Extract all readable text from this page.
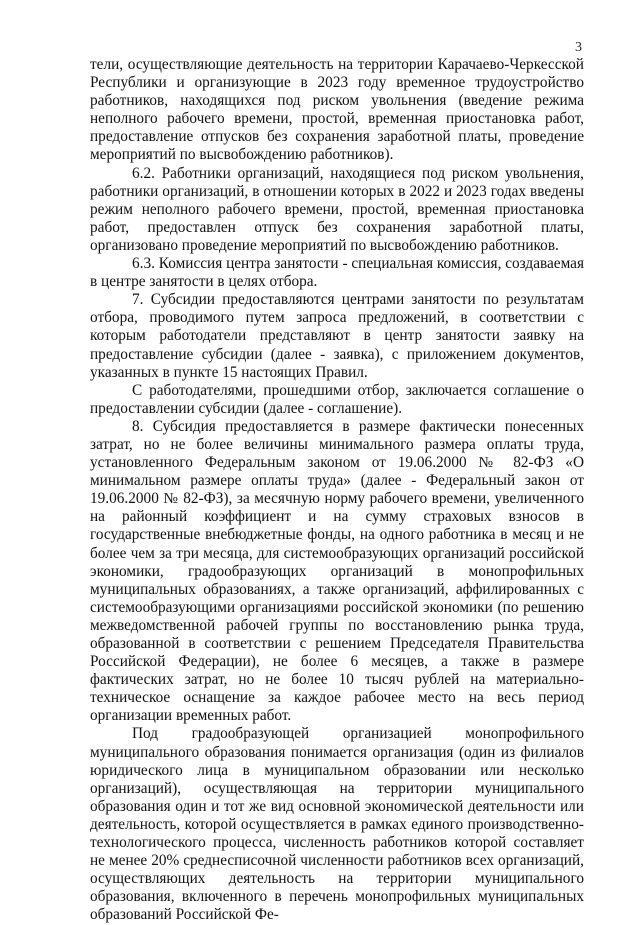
3

тели, осуществляющие деятельность на территории Карачаево-Черкесской Республики и организующие в 2023 году временное трудоустройство работников, находящихся под риском увольнения (введение режима неполного рабочего времени, простой, временная приостановка работ, предоставление отпусков без сохранения заработной платы, проведение мероприятий по высвобождению работников).

6.2. Работники организаций, находящиеся под риском увольнения, работники организаций, в отношении которых в 2022 и 2023 годах введены режим неполного рабочего времени, простой, временная приостановка работ, предоставлен отпуск без сохранения заработной платы, организовано проведение мероприятий по высвобождению работников.

6.3. Комиссия центра занятости - специальная комиссия, создаваемая в центре занятости в целях отбора.

7. Субсидии предоставляются центрами занятости по результатам отбора, проводимого путем запроса предложений, в соответствии с которым работодатели представляют в центр занятости заявку на предоставление субсидии (далее - заявка), с приложением документов, указанных в пункте 15 настоящих Правил.

С работодателями, прошедшими отбор, заключается соглашение о предоставлении субсидии (далее - соглашение).

8. Субсидия предоставляется в размере фактически понесенных затрат, но не более величины минимального размера оплаты труда, установленного Федеральным законом от 19.06.2000 № 82-ФЗ «О минимальном размере оплаты труда» (далее - Федеральный закон от 19.06.2000 № 82-ФЗ), за месячную норму рабочего времени, увеличенного на районный коэффициент и на сумму страховых взносов в государственные внебюджетные фонды, на одного работника в месяц и не более чем за три месяца, для системообразующих организаций российской экономики, градообразующих организаций в монопрофильных муниципальных образованиях, а также организаций, аффилированных с системообразующими организациями российской экономики (по решению межведомственной рабочей группы по восстановлению рынка труда, образованной в соответствии с решением Председателя Правительства Российской Федерации), не более 6 месяцев, а также в размере фактических затрат, но не более 10 тысяч рублей на материально-техническое оснащение за каждое рабочее место на весь период организации временных работ.

Под градообразующей организацией монопрофильного муниципального образования понимается организация (один из филиалов юридического лица в муниципальном образовании или несколько организаций), осуществляющая на территории муниципального образования один и тот же вид основной экономической деятельности или деятельность, которой осуществляется в рамках единого производственно-технологического процесса, численность работников которой составляет не менее 20% среднесписочной численности работников всех организаций, осуществляющих деятельность на территории муниципального образования, включенного в перечень монопрофильных муниципальных образований Российской Фе-
